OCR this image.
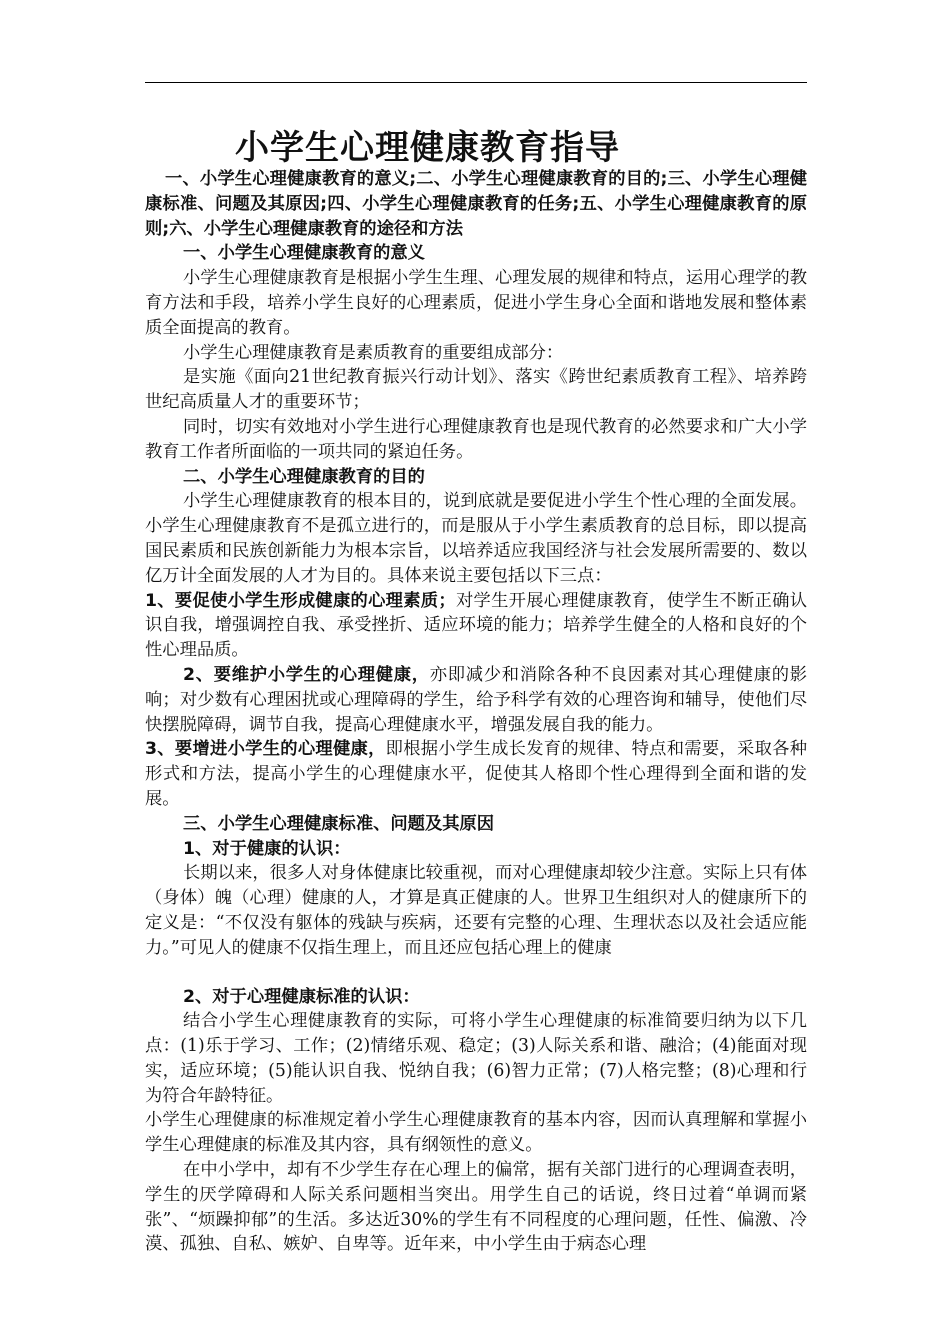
小学生心理健康教育指导

一、小学生心理健康教育的意义;二、小学生心理健康教育的目的;三、小学生心理健康标准、问题及其原因;四、小学生心理健康教育的任务;五、小学生心理健康教育的原则;六、小学生心理健康教育的途径和方法

一、小学生心理健康教育的意义

小学生心理健康教育是根据小学生生理、心理发展的规律和特点，运用心理学的教育方法和手段，培养小学生良好的心理素质，促进小学生身心全面和谐地发展和整体素质全面提高的教育。

小学生心理健康教育是素质教育的重要组成部分：

是实施《面向21世纪教育振兴行动计划》、落实《跨世纪素质教育工程》、培养跨世纪高质量人才的重要环节；

同时，切实有效地对小学生进行心理健康教育也是现代教育的必然要求和广大小学教育工作者所面临的一项共同的紧迫任务。

二、小学生心理健康教育的目的

小学生心理健康教育的根本目的，说到底就是要促进小学生个性心理的全面发展。小学生心理健康教育不是孤立进行的，而是服从于小学生素质教育的总目标，即以提高国民素质和民族创新能力为根本宗旨，以培养适应我国经济与社会发展所需要的、数以亿万计全面发展的人才为目的。具体来说主要包括以下三点：

1、要促使小学生形成健康的心理素质；对学生开展心理健康教育，使学生不断正确认识自我，增强调控自我、承受挫折、适应环境的能力；培养学生健全的人格和良好的个性心理品质。

2、要维护小学生的心理健康，亦即减少和消除各种不良因素对其心理健康的影响；对少数有心理困扰或心理障碍的学生，给予科学有效的心理咨询和辅导，使他们尽快摆脱障碍，调节自我，提高心理健康水平，增强发展自我的能力。

3、要增进小学生的心理健康，即根据小学生成长发育的规律、特点和需要，采取各种形式和方法，提高小学生的心理健康水平，促使其人格即个性心理得到全面和谐的发展。

三、小学生心理健康标准、问题及其原因

1、对于健康的认识：

长期以来，很多人对身体健康比较重视，而对心理健康却较少注意。实际上只有体（身体）魄（心理）健康的人，才算是真正健康的人。世界卫生组织对人的健康所下的定义是：“不仅没有躯体的残缺与疾病，还要有完整的心理、生理状态以及社会适应能力。”可见人的健康不仅指生理上，而且还应包括心理上的健康

2、对于心理健康标准的认识：

结合小学生心理健康教育的实际，可将小学生心理健康的标准简要归纳为以下几点：(1)乐于学习、工作；(2)情绪乐观、稳定；(3)人际关系和谐、融洽；(4)能面对现实，适应环境；(5)能认识自我、悦纳自我；(6)智力正常；(7)人格完整；(8)心理和行为符合年龄特征。

小学生心理健康的标准规定着小学生心理健康教育的基本内容，因而认真理解和掌握小学生心理健康的标准及其内容，具有纲领性的意义。

在中小学中，却有不少学生存在心理上的偏常，据有关部门进行的心理调查表明，学生的厌学障碍和人际关系问题相当突出。用学生自己的话说，终日过着“单调而紧张”、“烦躁抑郁”的生活。多达近30%的学生有不同程度的心理问题，任性、偏激、冷漠、孤独、自私、嫉妒、自卑等。近年来，中小学生由于病态心理
